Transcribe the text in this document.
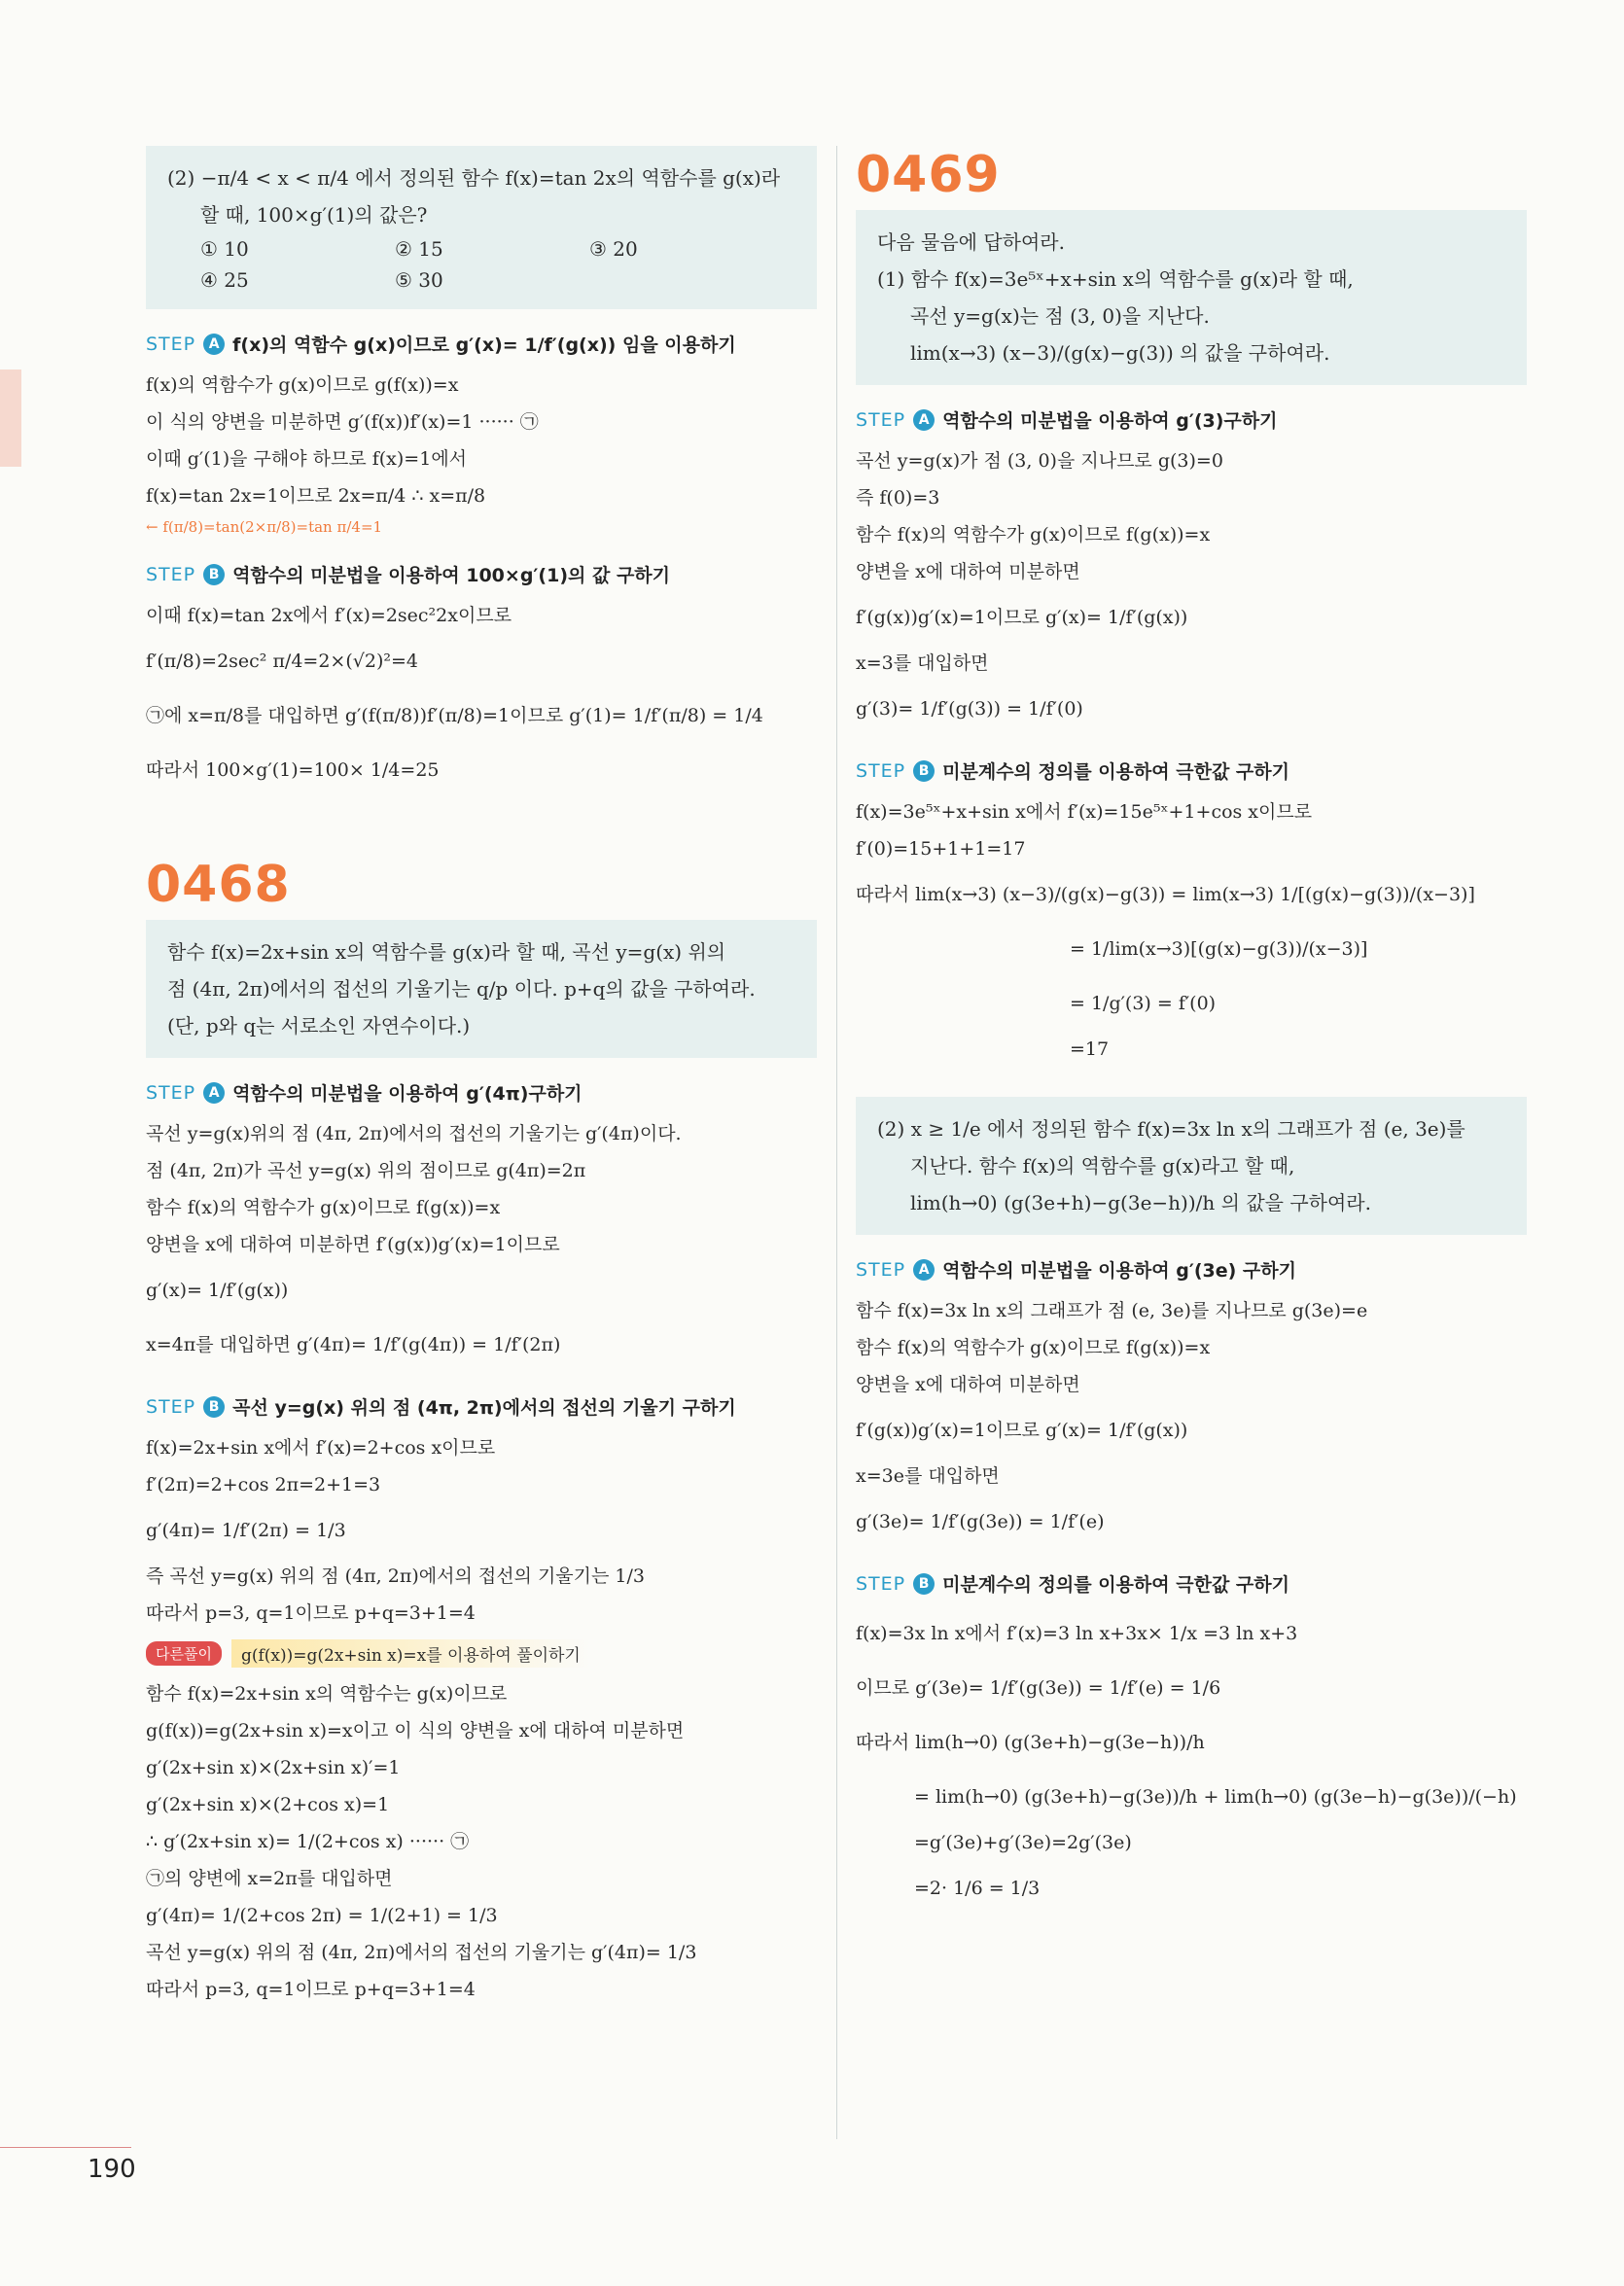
(2) −π/4 < x < π/4 에서 정의된 함수 f(x)=tan 2x의 역함수를 g(x)라
할 때, 100×g′(1)의 값은?
① 10	② 15	③ 20
④ 25	⑤ 30
STEP A f(x)의 역함수 g(x)이므로 g′(x)= 1/f′(g(x)) 임을 이용하기
f(x)의 역함수가 g(x)이므로 g(f(x))=x
이 식의 양변을 미분하면 g′(f(x))f′(x)=1 ······ ㉠
이때 g′(1)을 구해야 하므로 f(x)=1에서
f(x)=tan 2x=1이므로 2x=π/4 ∴ x=π/8
← f(π/8)=tan(2×π/8)=tan π/4=1
STEP B 역함수의 미분법을 이용하여 100×g′(1)의 값 구하기
이때 f(x)=tan 2x에서 f′(x)=2sec²2x이므로
f′(π/8)=2sec² π/4=2×(√2)²=4
㉠에 x=π/8를 대입하면 g′(f(π/8))f′(π/8)=1이므로 g′(1)= 1/f′(π/8) = 1/4
따라서 100×g′(1)=100× 1/4=25
0468
함수 f(x)=2x+sin x의 역함수를 g(x)라 할 때, 곡선 y=g(x) 위의
점 (4π, 2π)에서의 접선의 기울기는 q/p 이다. p+q의 값을 구하여라.
(단, p와 q는 서로소인 자연수이다.)
STEP A 역함수의 미분법을 이용하여 g′(4π)구하기
곡선 y=g(x)위의 점 (4π, 2π)에서의 접선의 기울기는 g′(4π)이다.
점 (4π, 2π)가 곡선 y=g(x) 위의 점이므로 g(4π)=2π
함수 f(x)의 역함수가 g(x)이므로 f(g(x))=x
양변을 x에 대하여 미분하면 f′(g(x))g′(x)=1이므로
g′(x)= 1/f′(g(x))
x=4π를 대입하면 g′(4π)= 1/f′(g(4π)) = 1/f′(2π)
STEP B 곡선 y=g(x) 위의 점 (4π, 2π)에서의 접선의 기울기 구하기
f(x)=2x+sin x에서 f′(x)=2+cos x이므로
f′(2π)=2+cos 2π=2+1=3
g′(4π)= 1/f′(2π) = 1/3
즉 곡선 y=g(x) 위의 점 (4π, 2π)에서의 접선의 기울기는 1/3
따라서 p=3, q=1이므로 p+q=3+1=4
다른풀이	g(f(x))=g(2x+sin x)=x를 이용하여 풀이하기
함수 f(x)=2x+sin x의 역함수는 g(x)이므로
g(f(x))=g(2x+sin x)=x이고 이 식의 양변을 x에 대하여 미분하면
g′(2x+sin x)×(2x+sin x)′=1
g′(2x+sin x)×(2+cos x)=1
∴ g′(2x+sin x)= 1/(2+cos x) ······ ㉠
㉠의 양변에 x=2π를 대입하면
g′(4π)= 1/(2+cos 2π) = 1/(2+1) = 1/3
곡선 y=g(x) 위의 점 (4π, 2π)에서의 접선의 기울기는 g′(4π)= 1/3
따라서 p=3, q=1이므로 p+q=3+1=4
0469
다음 물음에 답하여라.
(1) 함수 f(x)=3e⁵ˣ+x+sin x의 역함수를 g(x)라 할 때,
곡선 y=g(x)는 점 (3, 0)을 지난다.
lim(x→3) (x−3)/(g(x)−g(3)) 의 값을 구하여라.
STEP A 역함수의 미분법을 이용하여 g′(3)구하기
곡선 y=g(x)가 점 (3, 0)을 지나므로 g(3)=0
즉 f(0)=3
함수 f(x)의 역함수가 g(x)이므로 f(g(x))=x
양변을 x에 대하여 미분하면
f′(g(x))g′(x)=1이므로 g′(x)= 1/f′(g(x))
x=3를 대입하면
g′(3)= 1/f′(g(3)) = 1/f′(0)
STEP B 미분계수의 정의를 이용하여 극한값 구하기
f(x)=3e⁵ˣ+x+sin x에서 f′(x)=15e⁵ˣ+1+cos x이므로
f′(0)=15+1+1=17
따라서 lim(x→3) (x−3)/(g(x)−g(3)) = lim(x→3) 1/[(g(x)−g(3))/(x−3)]
= 1/lim(x→3)[(g(x)−g(3))/(x−3)]
= 1/g′(3) = f′(0)
=17
(2) x ≥ 1/e 에서 정의된 함수 f(x)=3x ln x의 그래프가 점 (e, 3e)를
지난다. 함수 f(x)의 역함수를 g(x)라고 할 때,
lim(h→0) (g(3e+h)−g(3e−h))/h 의 값을 구하여라.
STEP A 역함수의 미분법을 이용하여 g′(3e) 구하기
함수 f(x)=3x ln x의 그래프가 점 (e, 3e)를 지나므로 g(3e)=e
함수 f(x)의 역함수가 g(x)이므로 f(g(x))=x
양변을 x에 대하여 미분하면
f′(g(x))g′(x)=1이므로 g′(x)= 1/f′(g(x))
x=3e를 대입하면
g′(3e)= 1/f′(g(3e)) = 1/f′(e)
STEP B 미분계수의 정의를 이용하여 극한값 구하기
f(x)=3x ln x에서 f′(x)=3 ln x+3x× 1/x =3 ln x+3
이므로 g′(3e)= 1/f′(g(3e)) = 1/f′(e) = 1/6
따라서 lim(h→0) (g(3e+h)−g(3e−h))/h
= lim(h→0) (g(3e+h)−g(3e))/h + lim(h→0) (g(3e−h)−g(3e))/(−h)
=g′(3e)+g′(3e)=2g′(3e)
=2· 1/6 = 1/3
190
